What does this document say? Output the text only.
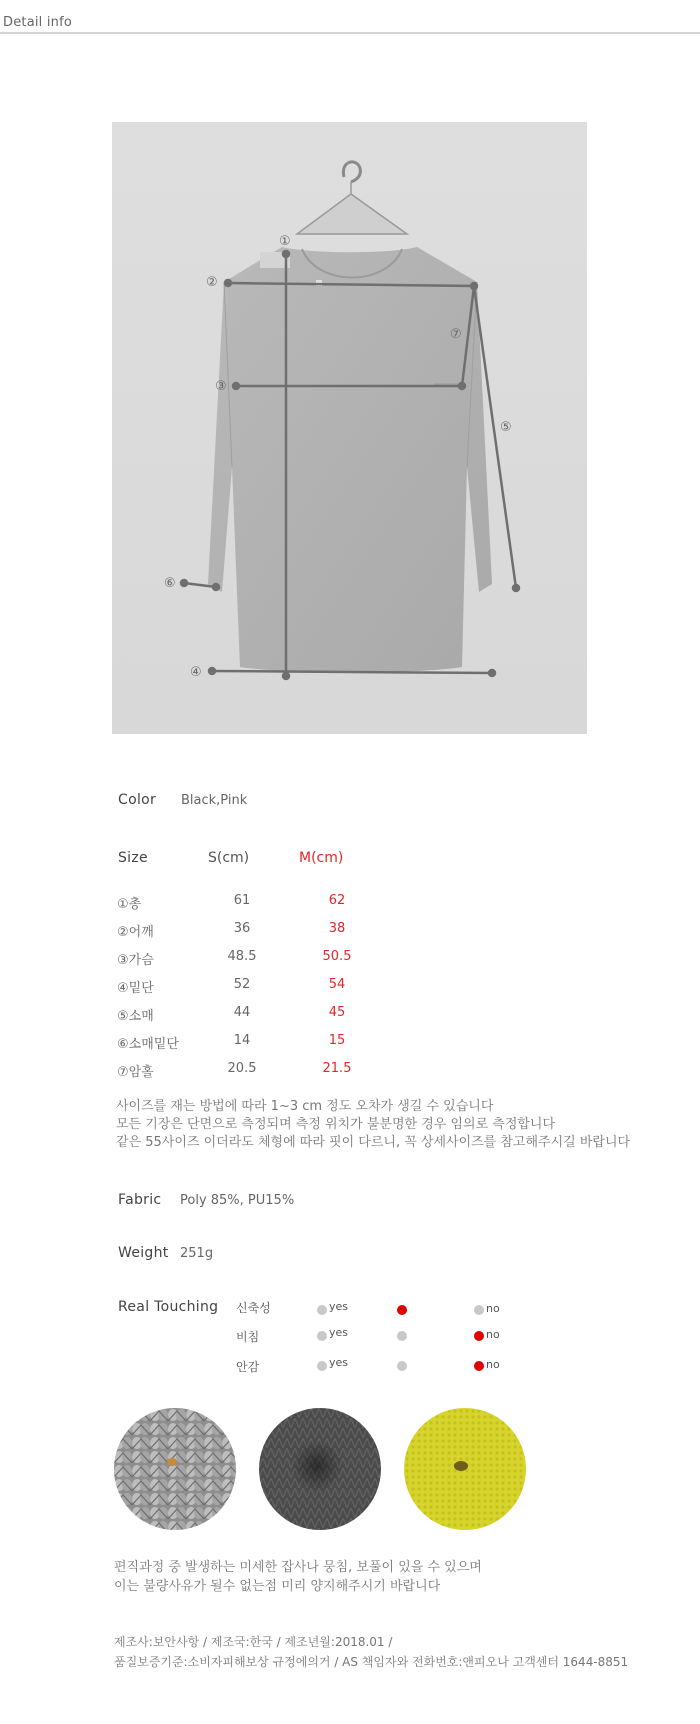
Detail info
①
②
③
④
⑤
⑥
⑦
Color Black,Pink
Size	S(cm)	M(cm)
①총	61	62
②어깨	36	38
③가슴	48.5	50.5
④밑단	52	54
⑤소매	44	45
⑥소매밑단	14	15
⑦암홀	20.5	21.5
사이즈를 재는 방법에 따라 1~3 cm 정도 오차가 생길 수 있습니다
모든 기장은 단면으로 측정되며 측정 위치가 불분명한 경우 임의로 측정합니다
같은 55사이즈 이더라도 체형에 따라 핏이 다르니, 꼭 상세사이즈를 참고해주시길 바랍니다
Fabric Poly 85%, PU15%
Weight 251g
Real Touching 신축성	yes	no
비침	yes	no
안감	yes	no
편직과정 중 발생하는 미세한 잡사나 뭉침, 보풀이 있을 수 있으며
이는 불량사유가 될수 없는점 미리 양지해주시기 바랍니다
제조사:보안사항 / 제조국:한국 / 제조년월:2018.01 /
품질보증기준:소비자피해보상 규정에의거 / AS 책임자와 전화번호:앤피오나 고객센터 1644-8851
